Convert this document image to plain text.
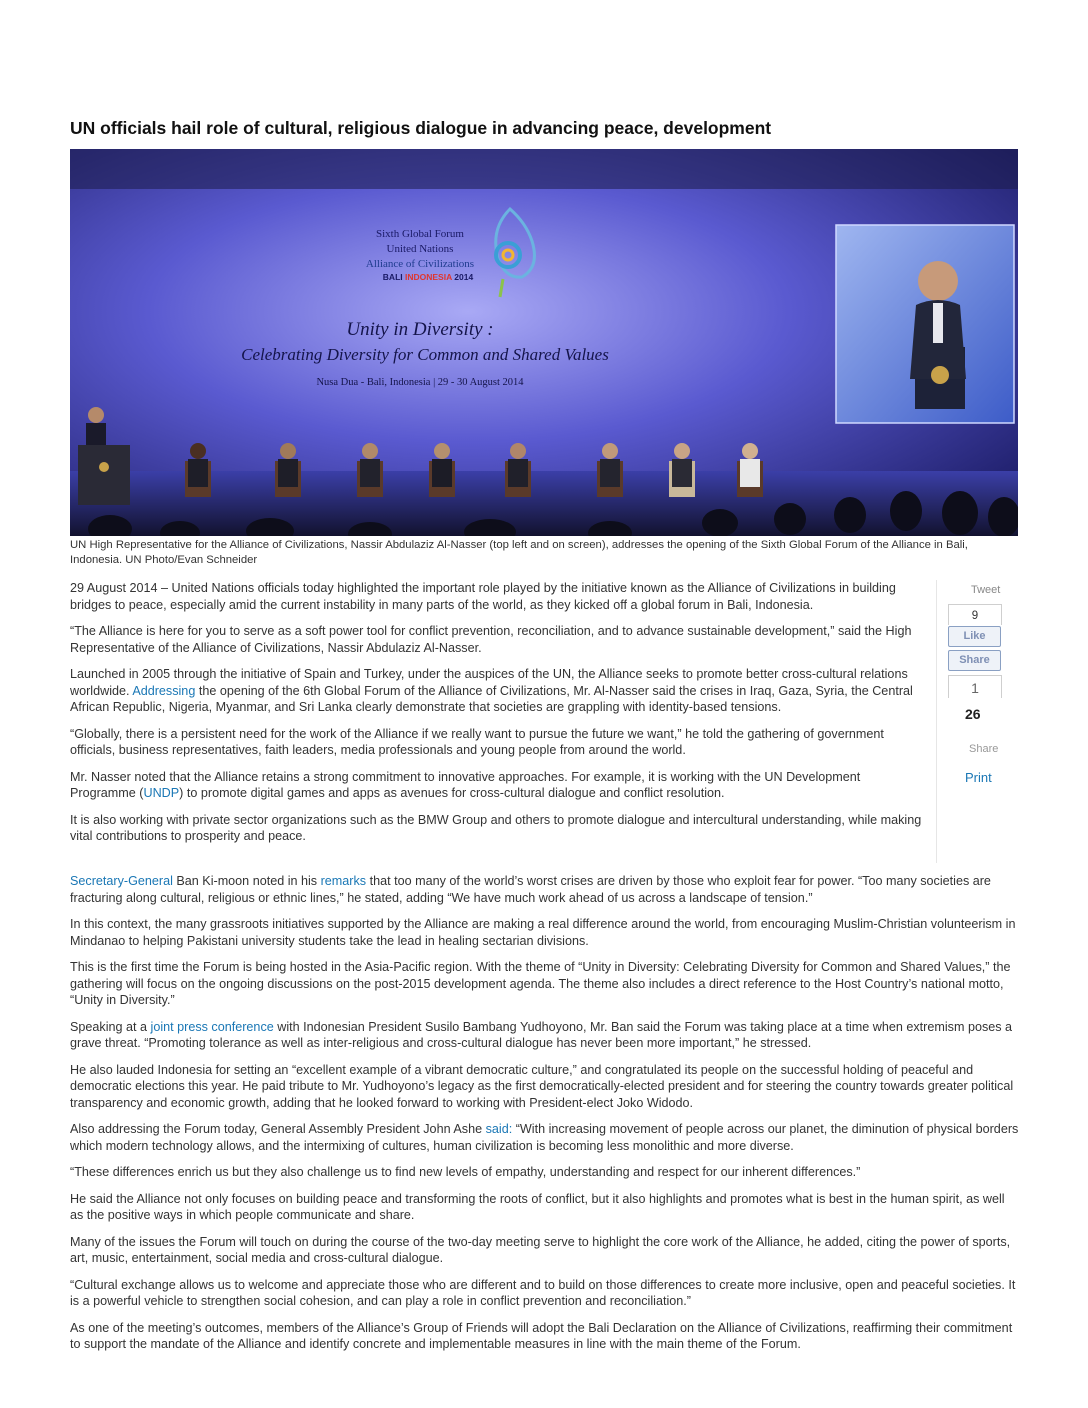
UN officials hail role of cultural, religious dialogue in advancing peace, development
Sixth Global Forum
United Nations
Alliance of Civilizations
BALI INDONESIA 2014
Unity in Diversity :
Celebrating Diversity for Common and Shared Values
Nusa Dua - Bali, Indonesia | 29 - 30 August 2014
UN High Representative for the Alliance of Civilizations, Nassir Abdulaziz Al-Nasser (top left and on screen), addresses the opening of the Sixth Global Forum of the Alliance in Bali, Indonesia. UN Photo/Evan Schneider

29 August 2014 – United Nations officials today highlighted the important role played by the initiative known as the Alliance of Civilizations in building bridges to peace, especially amid the current instability in many parts of the world, as they kicked off a global forum in Bali, Indonesia.

“The Alliance is here for you to serve as a soft power tool for conflict prevention, reconciliation, and to advance sustainable development,” said the High Representative of the Alliance of Civilizations, Nassir Abdulaziz Al-Nasser.

Launched in 2005 through the initiative of Spain and Turkey, under the auspices of the UN, the Alliance seeks to promote better cross-cultural relations worldwide. Addressing the opening of the 6th Global Forum of the Alliance of Civilizations, Mr. Al-Nasser said the crises in Iraq, Gaza, Syria, the Central African Republic, Nigeria, Myanmar, and Sri Lanka clearly demonstrate that societies are grappling with identity-based tensions.

“Globally, there is a persistent need for the work of the Alliance if we really want to pursue the future we want,” he told the gathering of government officials, business representatives, faith leaders, media professionals and young people from around the world.

Mr. Nasser noted that the Alliance retains a strong commitment to innovative approaches. For example, it is working with the UN Development Programme (UNDP) to promote digital games and apps as avenues for cross-cultural dialogue and conflict resolution.

It is also working with private sector organizations such as the BMW Group and others to promote dialogue and intercultural understanding, while making vital contributions to prosperity and peace.

Tweet
9
Like
Share
1
26
Share
Print

Secretary-General Ban Ki-moon noted in his remarks that too many of the world’s worst crises are driven by those who exploit fear for power. “Too many societies are fracturing along cultural, religious or ethnic lines,” he stated, adding “We have much work ahead of us across a landscape of tension.”

In this context, the many grassroots initiatives supported by the Alliance are making a real difference around the world, from encouraging Muslim-Christian volunteerism in Mindanao to helping Pakistani university students take the lead in healing sectarian divisions.

This is the first time the Forum is being hosted in the Asia-Pacific region. With the theme of “Unity in Diversity: Celebrating Diversity for Common and Shared Values,” the gathering will focus on the ongoing discussions on the post-2015 development agenda. The theme also includes a direct reference to the Host Country’s national motto, “Unity in Diversity.”

Speaking at a joint press conference with Indonesian President Susilo Bambang Yudhoyono, Mr. Ban said the Forum was taking place at a time when extremism poses a grave threat. “Promoting tolerance as well as inter-religious and cross-cultural dialogue has never been more important,” he stressed.

He also lauded Indonesia for setting an “excellent example of a vibrant democratic culture,” and congratulated its people on the successful holding of peaceful and democratic elections this year. He paid tribute to Mr. Yudhoyono’s legacy as the first democratically-elected president and for steering the country towards greater political transparency and economic growth, adding that he looked forward to working with President-elect Joko Widodo.

Also addressing the Forum today, General Assembly President John Ashe said: “With increasing movement of people across our planet, the diminution of physical borders which modern technology allows, and the intermixing of cultures, human civilization is becoming less monolithic and more diverse.

“These differences enrich us but they also challenge us to find new levels of empathy, understanding and respect for our inherent differences.”

He said the Alliance not only focuses on building peace and transforming the roots of conflict, but it also highlights and promotes what is best in the human spirit, as well as the positive ways in which people communicate and share.

Many of the issues the Forum will touch on during the course of the two-day meeting serve to highlight the core work of the Alliance, he added, citing the power of sports, art, music, entertainment, social media and cross-cultural dialogue.

“Cultural exchange allows us to welcome and appreciate those who are different and to build on those differences to create more inclusive, open and peaceful societies. It is a powerful vehicle to strengthen social cohesion, and can play a role in conflict prevention and reconciliation.”

As one of the meeting’s outcomes, members of the Alliance’s Group of Friends will adopt the Bali Declaration on the Alliance of Civilizations, reaffirming their commitment to support the mandate of the Alliance and identify concrete and implementable measures in line with the main theme of the Forum.
